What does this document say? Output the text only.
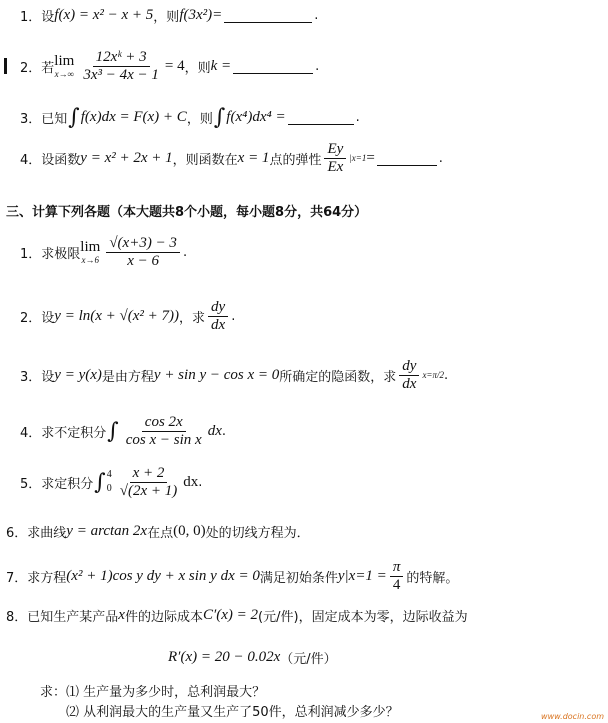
1． 设 f(x) = x² − x + 5 ，则 f(3x²)=	.
2． 若 lim
$x\to\infty \frac{\text{12xᵏ + 3}}{\text{3x³ − 4x − 1}} = 4$ ，则 k =	.
3． 已知 ∫ f(x)dx = F(x) + C ，则 ∫ f(x⁴)dx⁴ =	.
4． 设函数 y = x² + 2x + 1 ，则函数在 x = 1 点的弹性 $\frac{Ey}{Ex} |x=1$ =	.
三、计算下列各题（本大题共8个小题，每小题8分，共64分）
1． 求极限 lim
$x\to 6 \frac{√(x+3) - 3}{x - 6}$ .
2． 设 y = ln(x + √(x² + 7)) ，求 $\frac{dy}{dx}$ .
3． 设 y = y(x) 是由方程 y + sin y − cos x = 0 所确定的隐函数，求 $\frac{dy}{dx} x=\pi/2$ .
4． 求不定积分 ∫ $\frac{\cos 2x}{\text{cos x − sin x}}$ dx .
5． 求定积分 ∫ 4
$0 \frac{x + 2}{√(2x + 1)}$ dx .
6． 求曲线 y = arctan 2x 在点 (0, 0) 处的切线方程为．
7． 求方程 (x² + 1)cos y dy + x sin y dx = 0 满足初始条件 $y|x=1 = \frac{\pi}{4}$ 的特解。
8． 已知生产某产品 x 件的边际成本 C′(x) = 2 (元/件)，固定成本为零，边际收益为
R′(x) = 20 − 0.02x （元/件）
求：⑴ 生产量为多少时，总利润最大？
⑵ 从利润最大的生产量又生产了50件，总利润减少多少？	www.docin.com
